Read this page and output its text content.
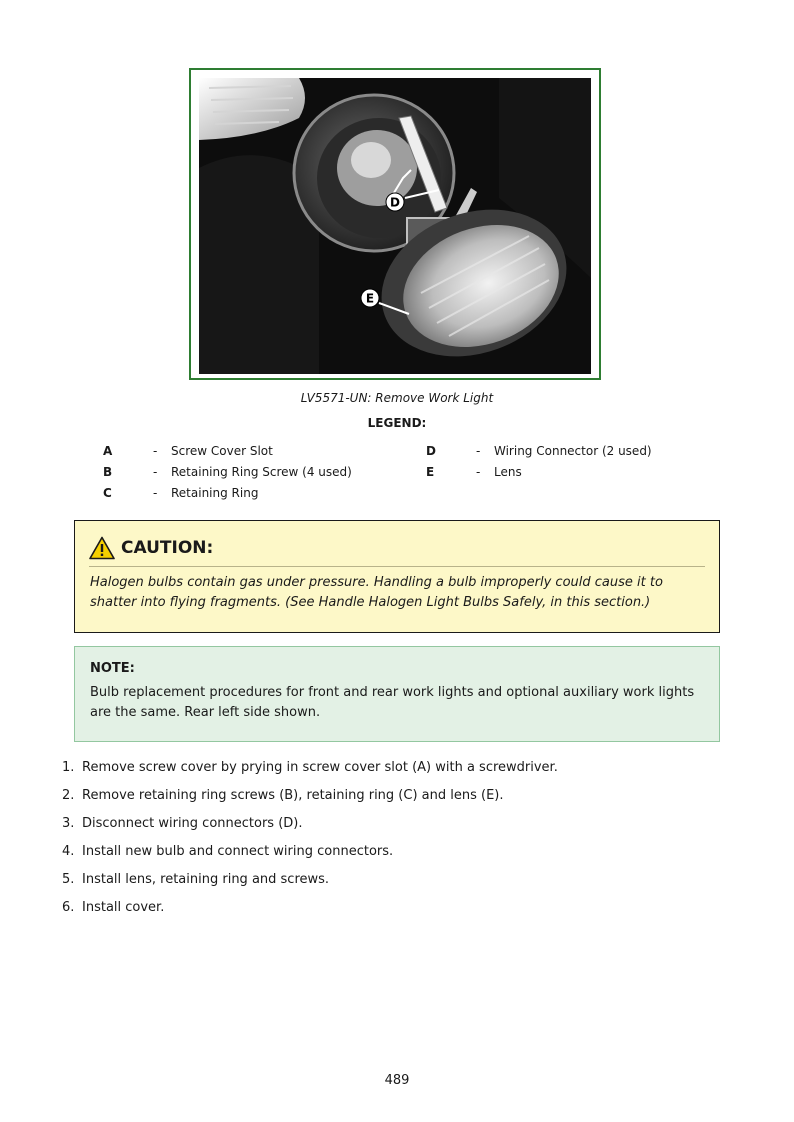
D
E
LV5571-UN: Remove Work Light
LEGEND:
A	- Screw Cover Slot
B	- Retaining Ring Screw (4 used)
C	- Retaining Ring
D	- Wiring Connector (2 used)
E	- Lens
CAUTION:
Halogen bulbs contain gas under pressure. Handling a bulb improperly could cause it to shatter into flying fragments. (See Handle Halogen Light Bulbs Safely, in this section.)
NOTE:
Bulb replacement procedures for front and rear work lights and optional auxiliary work lights are the same. Rear left side shown.
1. Remove screw cover by prying in screw cover slot (A) with a screwdriver.
2. Remove retaining ring screws (B), retaining ring (C) and lens (E).
3. Disconnect wiring connectors (D).
4. Install new bulb and connect wiring connectors.
5. Install lens, retaining ring and screws.
6. Install cover.
489
